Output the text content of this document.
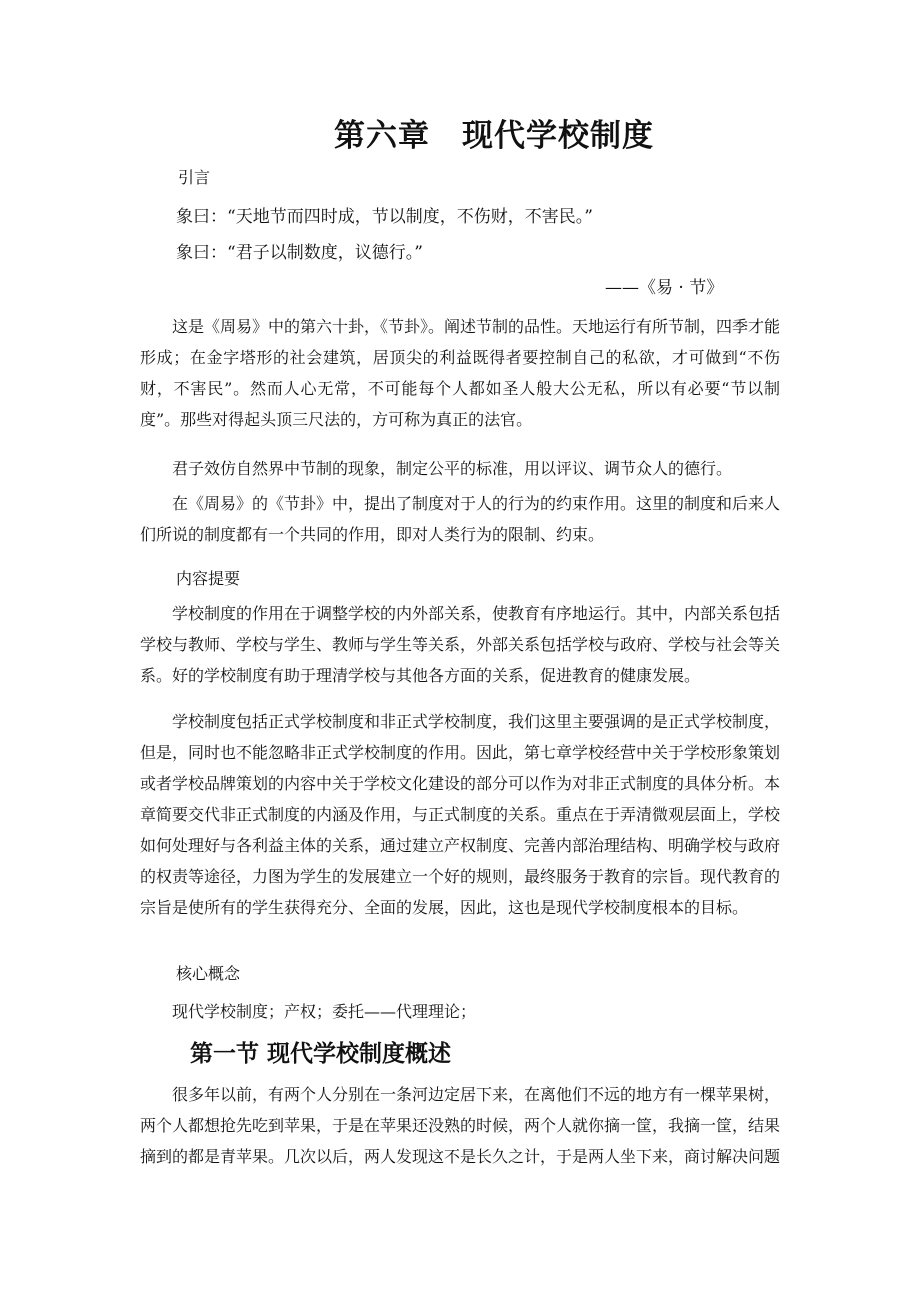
第六章　现代学校制度

引言

象曰：“天地节而四时成，节以制度，不伤财，不害民。”

象曰：“君子以制数度，议德行。”

——《易 · 节》

这是《周易》中的第六十卦，《节卦》。阐述节制的品性。天地运行有所节制，四季才能形成；在金字塔形的社会建筑，居顶尖的利益既得者要控制自己的私欲，才可做到“不伤财，不害民”。然而人心无常，不可能每个人都如圣人般大公无私，所以有必要“节以制度”。那些对得起头顶三尺法的，方可称为真正的法官。

君子效仿自然界中节制的现象，制定公平的标准，用以评议、调节众人的德行。

在《周易》的《节卦》中，提出了制度对于人的行为的约束作用。这里的制度和后来人们所说的制度都有一个共同的作用，即对人类行为的限制、约束。

内容提要

学校制度的作用在于调整学校的内外部关系，使教育有序地运行。其中，内部关系包括学校与教师、学校与学生、教师与学生等关系，外部关系包括学校与政府、学校与社会等关系。好的学校制度有助于理清学校与其他各方面的关系，促进教育的健康发展。

学校制度包括正式学校制度和非正式学校制度，我们这里主要强调的是正式学校制度，但是，同时也不能忽略非正式学校制度的作用。因此，第七章学校经营中关于学校形象策划或者学校品牌策划的内容中关于学校文化建设的部分可以作为对非正式制度的具体分析。本章简要交代非正式制度的内涵及作用，与正式制度的关系。重点在于弄清微观层面上，学校如何处理好与各利益主体的关系，通过建立产权制度、完善内部治理结构、明确学校与政府的权责等途径，力图为学生的发展建立一个好的规则，最终服务于教育的宗旨。现代教育的宗旨是使所有的学生获得充分、全面的发展，因此，这也是现代学校制度根本的目标。

核心概念

现代学校制度；产权；委托——代理理论；

第一节 现代学校制度概述

很多年以前，有两个人分别在一条河边定居下来，在离他们不远的地方有一棵苹果树，两个人都想抢先吃到苹果，于是在苹果还没熟的时候，两个人就你摘一筐，我摘一筐，结果摘到的都是青苹果。几次以后，两人发现这不是长久之计，于是两人坐下来，商讨解决问题
